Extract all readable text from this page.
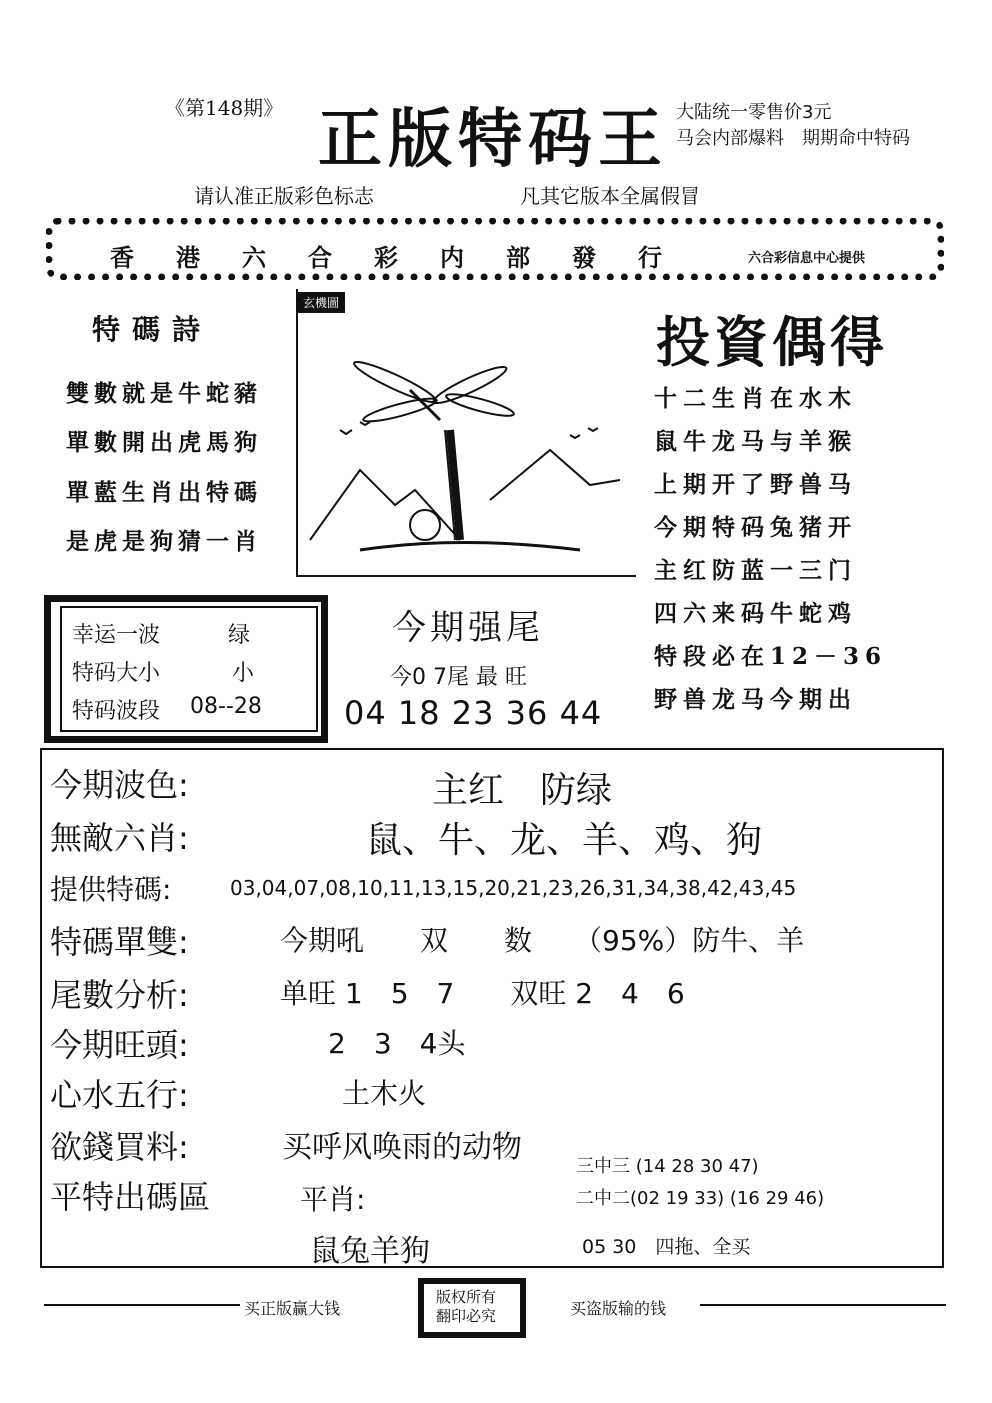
《第148期》 正版特码王 大陆统一零售价3元
马会内部爆料　期期命中特码
请认准正版彩色标志	凡其它版本全属假冒
香港六合彩内部發行	六合彩信息中心提供
特碼詩
雙數就是牛蛇豬
單數開出虎馬狗
單藍生肖出特碼
是虎是狗猜一肖
玄機圖
投資偶得
十二生肖在水木
鼠牛龙马与羊猴
上期开了野兽马
今期特码兔猪开
主红防蓝一三门
四六来码牛蛇鸡
特段必在12－36
野兽龙马今期出
幸运一波	绿
特码大小	小
特码波段 08--28
今期强尾
今0 7尾 最 旺
04 18 23 36 44
今期波色:	主红　防绿
無敵六肖:	鼠、牛、龙、羊、鸡、狗
提供特碼:	03,04,07,08,10,11,13,15,20,21,23,26,31,34,38,42,43,45
特碼單雙:	今期吼　　双　　数　　（95%）防牛、羊
尾數分析:	单旺 1　5　7　　双旺 2　4　6
今期旺頭:	2　3　4头
心水五行:	土木火
欲錢買料:	买呼风唤雨的动物
平特出碼區	平肖:
鼠兔羊狗
三中三 (14 28 30 47)
二中二(02 19 33) (16 29 46)
05 30　四拖、全买
买正版赢大钱
版权所有
翻印必究	买盗版输的钱
